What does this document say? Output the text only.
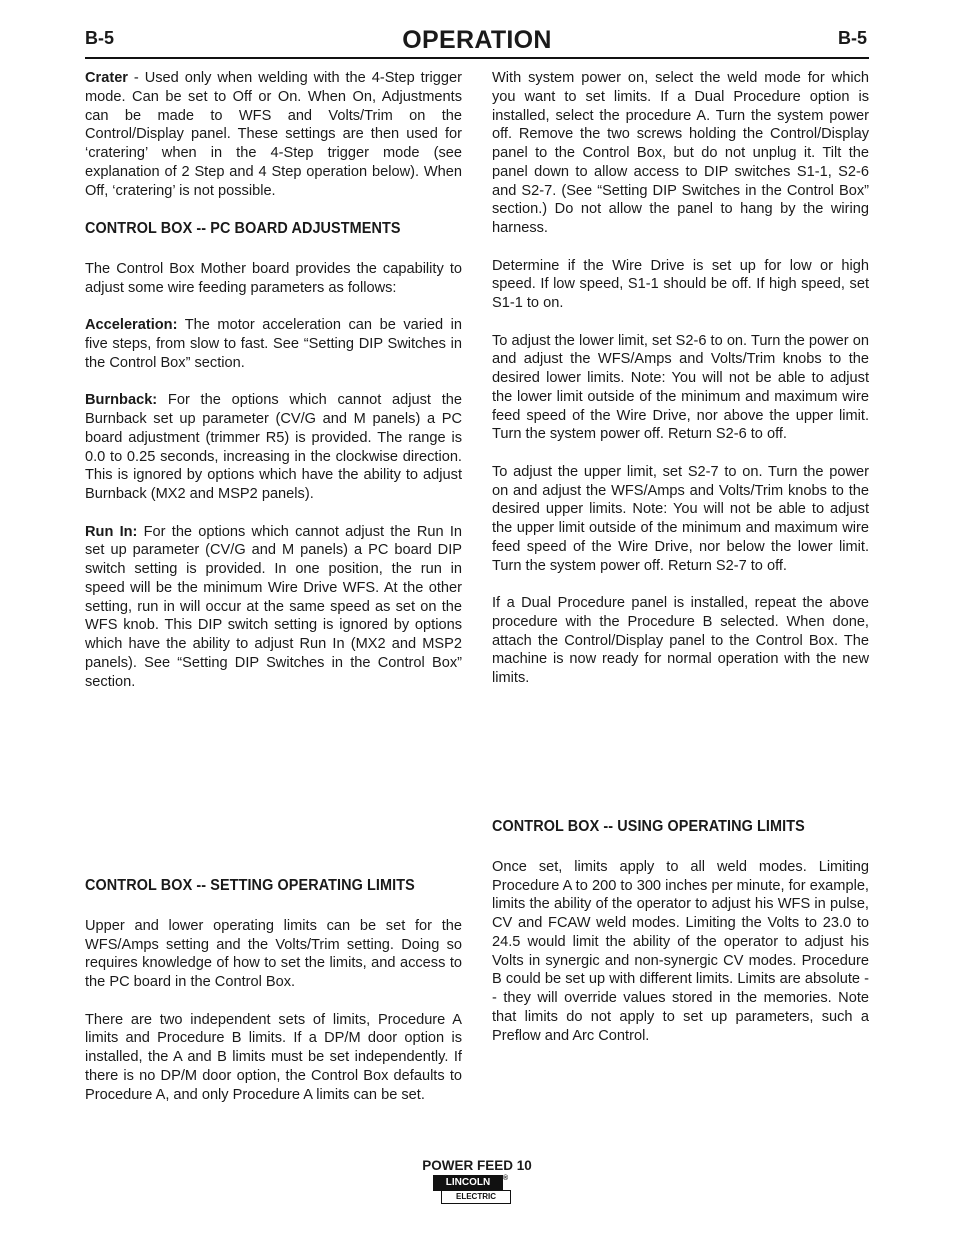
B-5	OPERATION	B-5

Crater - Used only when welding with the 4-Step trigger mode. Can be set to Off or On. When On, Adjustments can be made to WFS and Volts/Trim on the Control/Display panel. These settings are then used for ‘cratering’ when in the 4-Step trigger mode (see explanation of 2 Step and 4 Step operation below). When Off, ‘cratering’ is not possible.

CONTROL BOX -- PC BOARD ADJUSTMENTS

The Control Box Mother board provides the capability to adjust some wire feeding parameters as follows:

Acceleration: The motor acceleration can be varied in five steps, from slow to fast. See “Setting DIP Switches in the Control Box” section.

Burnback: For the options which cannot adjust the Burnback set up parameter (CV/G and M panels) a PC board adjustment (trimmer R5) is provided. The range is 0.0 to 0.25 seconds, increasing in the clockwise direction. This is ignored by options which have the ability to adjust Burnback (MX2 and MSP2 panels).

Run In: For the options which cannot adjust the Run In set up parameter (CV/G and M panels) a PC board DIP switch setting is provided. In one position, the run in speed will be the minimum Wire Drive WFS. At the other setting, run in will occur at the same speed as set on the WFS knob. This DIP switch setting is ignored by options which have the ability to adjust Run In (MX2 and MSP2 panels). See “Setting DIP Switches in the Control Box” section.

CONTROL BOX -- SETTING OPERATING LIMITS

Upper and lower operating limits can be set for the WFS/Amps setting and the Volts/Trim setting. Doing so requires knowledge of how to set the limits, and access to the PC board in the Control Box.

There are two independent sets of limits, Procedure A limits and Procedure B limits. If a DP/M door option is installed, the A and B limits must be set independently. If there is no DP/M door option, the Control Box defaults to Procedure A, and only Procedure A limits can be set.

With system power on, select the weld mode for which you want to set limits. If a Dual Procedure option is installed, select the procedure A. Turn the system power off. Remove the two screws holding the Control/Display panel to the Control Box, but do not unplug it. Tilt the panel down to allow access to DIP switches S1-1, S2-6 and S2-7. (See “Setting DIP Switches in the Control Box” section.) Do not allow the panel to hang by the wiring harness.

Determine if the Wire Drive is set up for low or high speed. If low speed, S1-1 should be off. If high speed, set S1-1 to on.

To adjust the lower limit, set S2-6 to on. Turn the power on and adjust the WFS/Amps and Volts/Trim knobs to the desired lower limits. Note: You will not be able to adjust the lower limit outside of the minimum and maximum wire feed speed of the Wire Drive, nor above the upper limit. Turn the system power off. Return S2-6 to off.

To adjust the upper limit, set S2-7 to on. Turn the power on and adjust the WFS/Amps and Volts/Trim knobs to the desired upper limits. Note: You will not be able to adjust the upper limit outside of the minimum and maximum wire feed speed of the Wire Drive, nor below the lower limit. Turn the system power off. Return S2-7 to off.

If a Dual Procedure panel is installed, repeat the above procedure with the Procedure B selected. When done, attach the Control/Display panel to the Control Box. The machine is now ready for normal operation with the new limits.

CONTROL BOX -- USING OPERATING LIMITS

Once set, limits apply to all weld modes. Limiting Procedure A to 200 to 300 inches per minute, for example, limits the ability of the operator to adjust his WFS in pulse, CV and FCAW weld modes. Limiting the Volts to 23.0 to 24.5 would limit the ability of the operator to adjust his Volts in synergic and non-synergic CV modes. Procedure B could be set up with different limits. Limits are absolute -- they will override values stored in the memories. Note that limits do not apply to set up parameters, such a Preflow and Arc Control.

POWER FEED 10
LINCOLN
ELECTRIC
®
